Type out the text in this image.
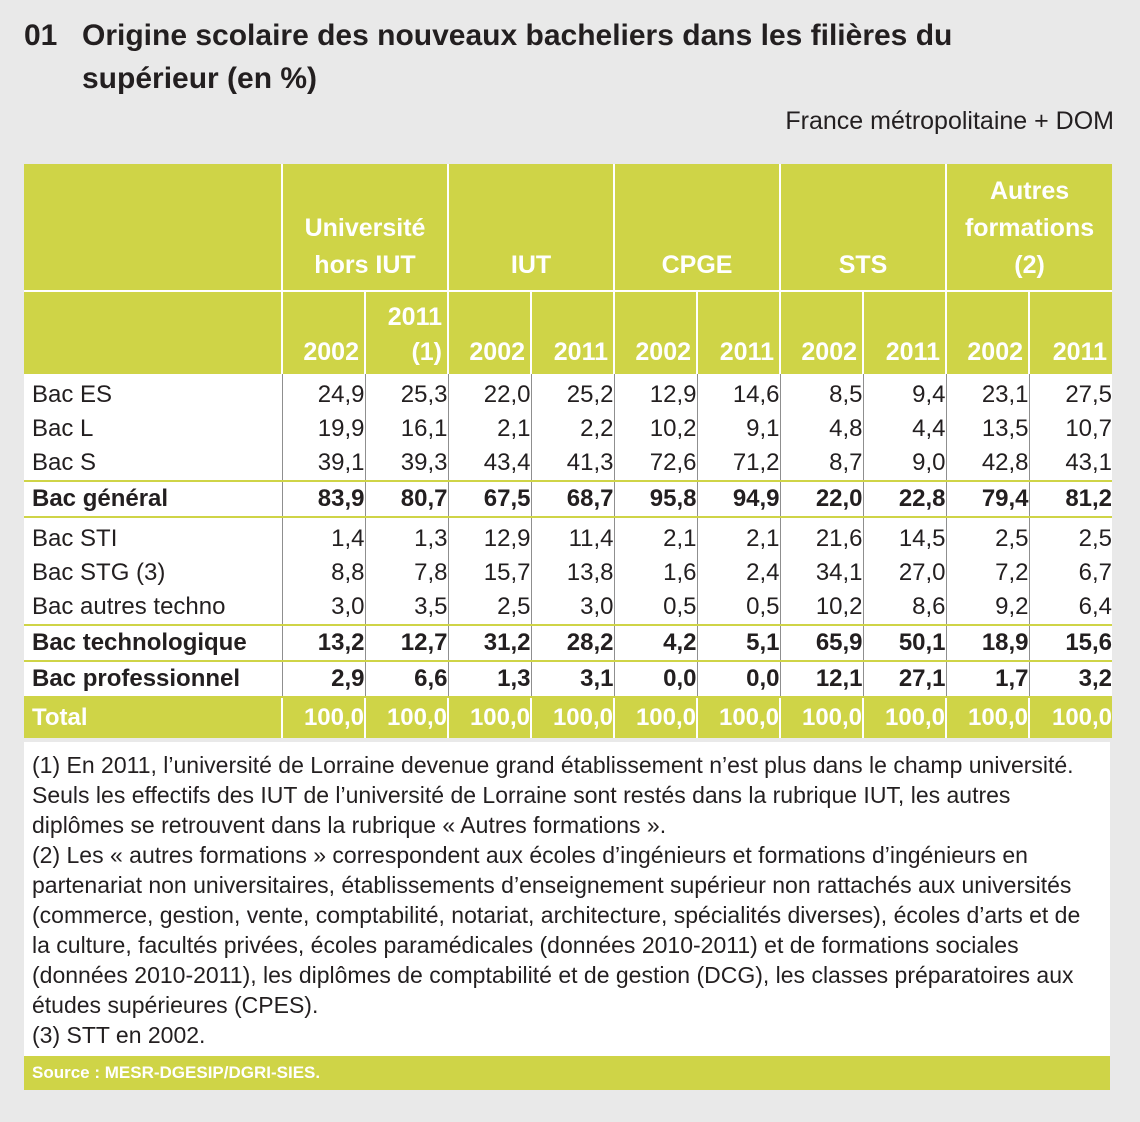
01 Origine scolaire des nouveaux bacheliers dans les filières du supérieur (en %)
France métropolitaine + DOM
	Université hors IUT		IUT		CPGE		STS		Autres formations (2)	
	2002	2011 (1)	2002	2011	2002	2011	2002	2011	2002	2011
Bac ES	24,9	25,3	22,0	25,2	12,9	14,6	8,5	9,4	23,1	27,5
Bac L	19,9	16,1	2,1	2,2	10,2	9,1	4,8	4,4	13,5	10,7
Bac S	39,1	39,3	43,4	41,3	72,6	71,2	8,7	9,0	42,8	43,1
Bac général	83,9	80,7	67,5	68,7	95,8	94,9	22,0	22,8	79,4	81,2
Bac STI	1,4	1,3	12,9	11,4	2,1	2,1	21,6	14,5	2,5	2,5
Bac STG (3)	8,8	7,8	15,7	13,8	1,6	2,4	34,1	27,0	7,2	6,7
Bac autres techno	3,0	3,5	2,5	3,0	0,5	0,5	10,2	8,6	9,2	6,4
Bac technologique	13,2	12,7	31,2	28,2	4,2	5,1	65,9	50,1	18,9	15,6
Bac professionnel	2,9	6,6	1,3	3,1	0,0	0,0	12,1	27,1	1,7	3,2
Total	100,0	100,0	100,0	100,0	100,0	100,0	100,0	100,0	100,0	100,0

(1) En 2011, l’université de Lorraine devenue grand établissement n’est plus dans le champ université. Seuls les effectifs des IUT de l’université de Lorraine sont restés dans la rubrique IUT, les autres diplômes se retrouvent dans la rubrique « Autres formations ».

(2) Les « autres formations » correspondent aux écoles d’ingénieurs et formations d’ingénieurs en partenariat non universitaires, établissements d’enseignement supérieur non rattachés aux universités (commerce, gestion, vente, comptabilité, notariat, architecture, spécialités diverses), écoles d’arts et de la culture, facultés privées, écoles paramédicales (données 2010-2011) et de formations sociales (données 2010-2011), les diplômes de comptabilité et de gestion (DCG), les classes préparatoires aux études supérieures (CPES).

(3) STT en 2002.

Source : MESR-DGESIP/DGRI-SIES.
